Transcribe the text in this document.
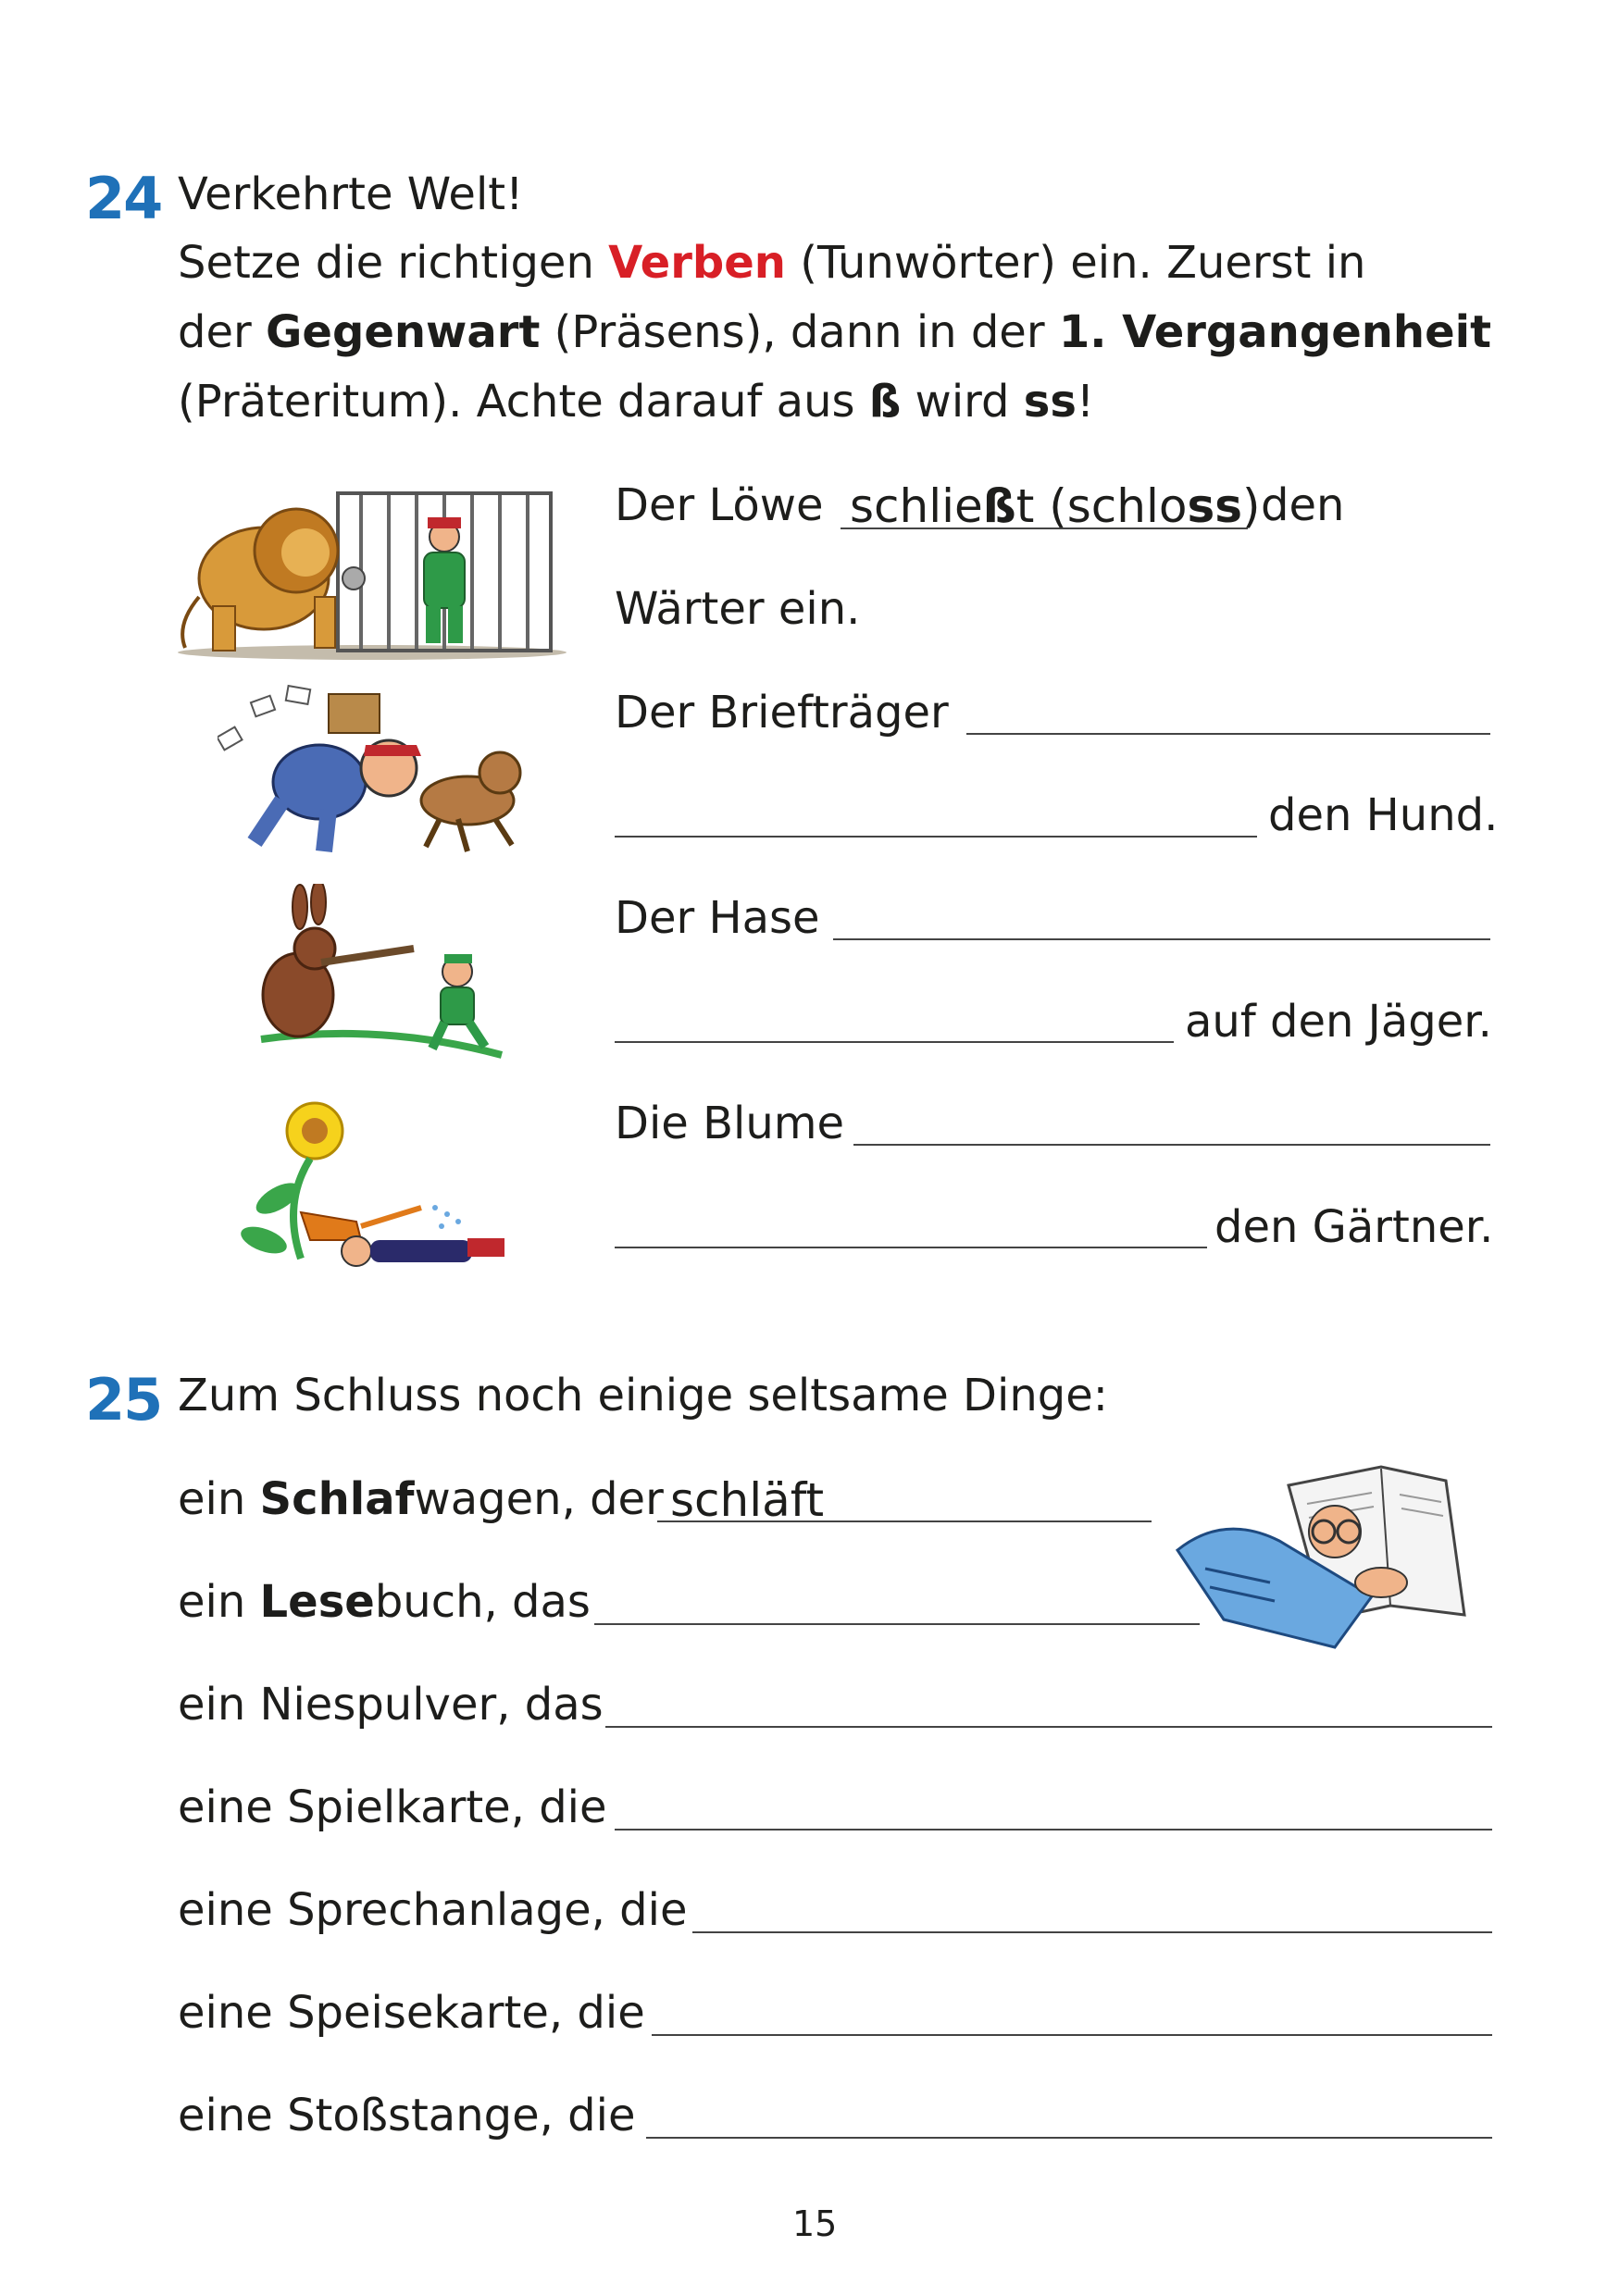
24 Verkehrte Welt!
Setze die richtigen Verben (Tunwörter) ein. Zuerst in
der Gegenwart (Präsens), dann in der 1. Vergangenheit
(Präteritum). Achte darauf aus ß wird ss!
Der Löwe schließt (schloss) den
Wärter ein.
Der Briefträger
den Hund.
Der Hase
auf den Jäger.
Die Blume
den Gärtner.
25 Zum Schluss noch einige seltsame Dinge:
ein Schlafwagen, der schläft
ein Lesebuch, das
ein Niespulver, das
eine Spielkarte, die
eine Sprechanlage, die
eine Speisekarte, die
eine Stoßstange, die
15
